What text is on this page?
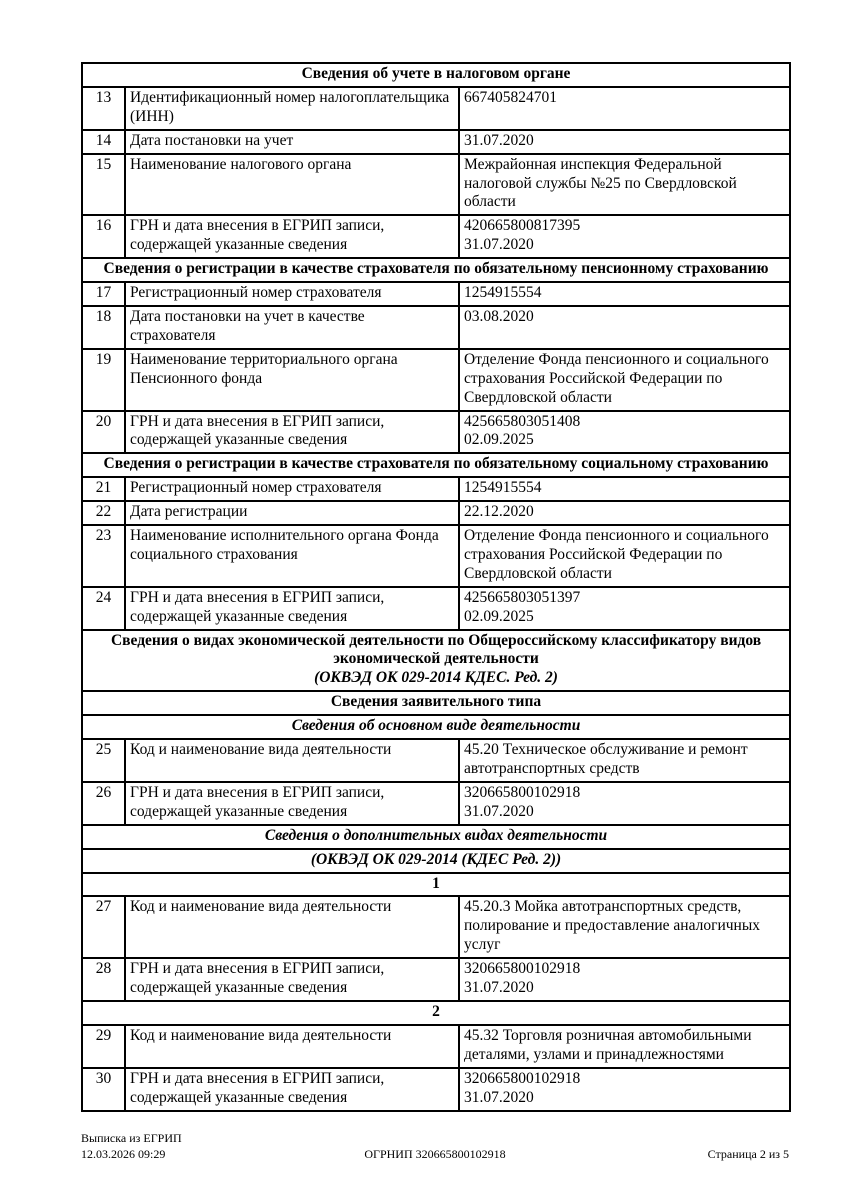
Сведения об учете в налоговом органе		
13	Идентификационный номер налогоплательщика (ИНН)	667405824701

14	Дата постановки на учет	31.07.2020

15	Наименование налогового органа	Межрайонная инспекция Федеральной налоговой службы №25 по Свердловской области

16	ГРН и дата внесения в ЕГРИП записи, содержащей указанные сведения	420665800817395
31.07.2020

Сведения о регистрации в качестве страхователя по обязательному пенсионному страхованию		
17	Регистрационный номер страхователя	1254915554

18	Дата постановки на учет в качестве страхователя	03.08.2020

19	Наименование территориального органа Пенсионного фонда	Отделение Фонда пенсионного и социального страхования Российской Федерации по Свердловской области

20	ГРН и дата внесения в ЕГРИП записи, содержащей указанные сведения	425665803051408
02.09.2025

Сведения о регистрации в качестве страхователя по обязательному социальному страхованию		
21	Регистрационный номер страхователя	1254915554

22	Дата регистрации	22.12.2020

23	Наименование исполнительного органа Фонда социального страхования	Отделение Фонда пенсионного и социального страхования Российской Федерации по Свердловской области

24	ГРН и дата внесения в ЕГРИП записи, содержащей указанные сведения	425665803051397
02.09.2025

Сведения о видах экономической деятельности по Общероссийскому классификатору видов экономической деятельности
(ОКВЭД ОК 029-2014 КДЕС. Ред. 2)		

Сведения заявительного типа		
Сведения об основном виде деятельности		
25	Код и наименование вида деятельности	45.20 Техническое обслуживание и ремонт автотранспортных средств

26	ГРН и дата внесения в ЕГРИП записи, содержащей указанные сведения	320665800102918
31.07.2020

Сведения о дополнительных видах деятельности		
(ОКВЭД ОК 029-2014 (КДЕС Ред. 2))		
1		
27	Код и наименование вида деятельности	45.20.3 Мойка автотранспортных средств, полирование и предоставление аналогичных услуг

28	ГРН и дата внесения в ЕГРИП записи, содержащей указанные сведения	320665800102918
31.07.2020

2		
29	Код и наименование вида деятельности	45.32 Торговля розничная автомобильными деталями, узлами и принадлежностями

30	ГРН и дата внесения в ЕГРИП записи, содержащей указанные сведения	320665800102918
31.07.2020
Выписка из ЕГРИП
12.03.2026 09:29	ОГРНИП 320665800102918	Страница 2 из 5
